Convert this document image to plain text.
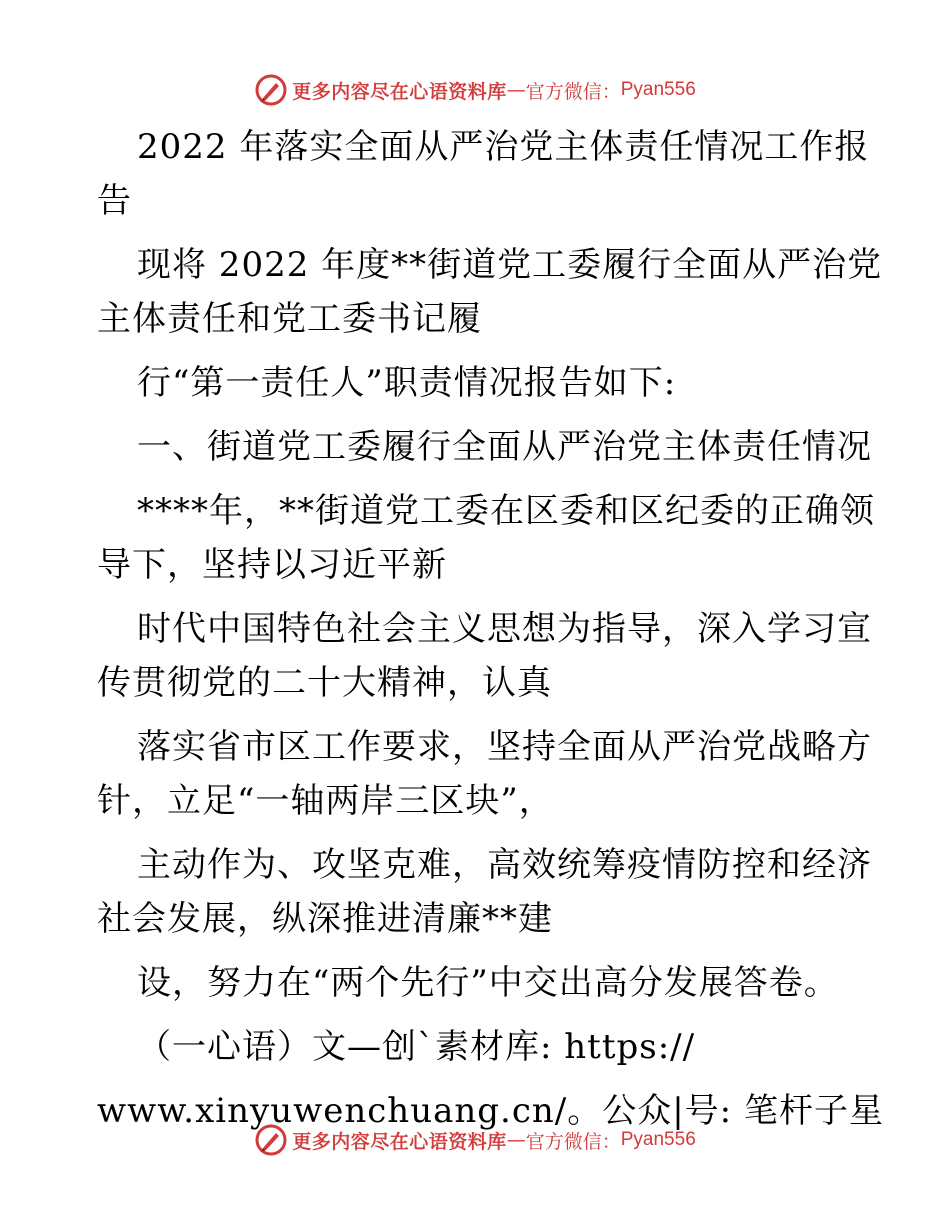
更多内容尽在心语资料库 — 官方微信： Pyan556
2022 年落实全面从严治党主体责任情况工作报
告
现将 2022 年度**街道党工委履行全面从严治党
主体责任和党工委书记履
行“第一责任人”职责情况报告如下:
一、街道党工委履行全面从严治党主体责任情况
****年，**街道党工委在区委和区纪委的正确领
导下，坚持以习近平新
时代中国特色社会主义思想为指导，深入学习宣
传贯彻党的二十大精神，认真
落实省市区工作要求，坚持全面从严治党战略方
针，立足“一轴两岸三区块”，
主动作为、攻坚克难，高效统筹疫情防控和经济
社会发展，纵深推进清廉**建
设，努力在“两个先行”中交出高分发展答卷。
（一心语）文—创`素材库: https://
www.xinyuwenchuang.cn/。公众|号: 笔杆子星
更多内容尽在心语资料库 — 官方微信： Pyan556
